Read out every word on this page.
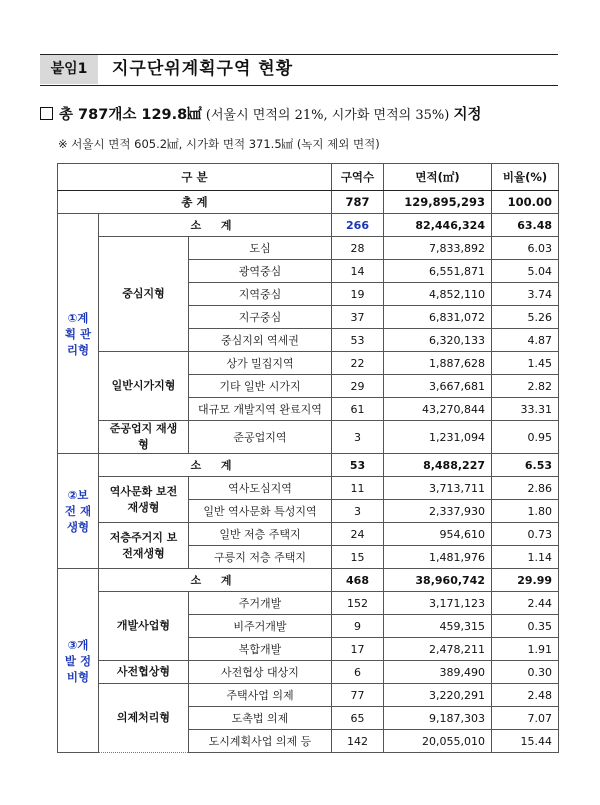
붙임1	지구단위계획구역 현황
총 787개소 129.8㎢ (서울시 면적의 21%, 시가화 면적의 35%) 지정
※ 서울시 면적 605.2㎢, 시가화 면적 371.5㎢ (녹지 제외 면적)
구 분			구역수	면적(㎡)	비율(%)
총 계			787	129,895,293	100.00
①계획 관리형	소 계		266	82,446,324	63.48
	중심지형	도심	28	7,833,892	6.03
		광역중심	14	6,551,871	5.04
		지역중심	19	4,852,110	3.74
		지구중심	37	6,831,072	5.26
		중심지외 역세권	53	6,320,133	4.87
	일반시가지형	상가 밀집지역	22	1,887,628	1.45
		기타 일반 시가지	29	3,667,681	2.82
		대규모 개발지역 완료지역	61	43,270,844	33.31
	준공업지 재생형	준공업지역	3	1,231,094	0.95
②보전 재생형	소 계		53	8,488,227	6.53
	역사문화 보전재생형	역사도심지역	11	3,713,711	2.86
		일반 역사문화 특성지역	3	2,337,930	1.80
	저층주거지 보전재생형	일반 저층 주택지	24	954,610	0.73
		구릉지 저층 주택지	15	1,481,976	1.14
③개발 정비형	소 계		468	38,960,742	29.99
	개발사업형	주거개발	152	3,171,123	2.44
		비주거개발	9	459,315	0.35
		복합개발	17	2,478,211	1.91
	사전협상형	사전협상 대상지	6	389,490	0.30
	의제처리형	주택사업 의제	77	3,220,291	2.48
		도촉법 의제	65	9,187,303	7.07
		도시계획사업 의제 등	142	20,055,010	15.44
